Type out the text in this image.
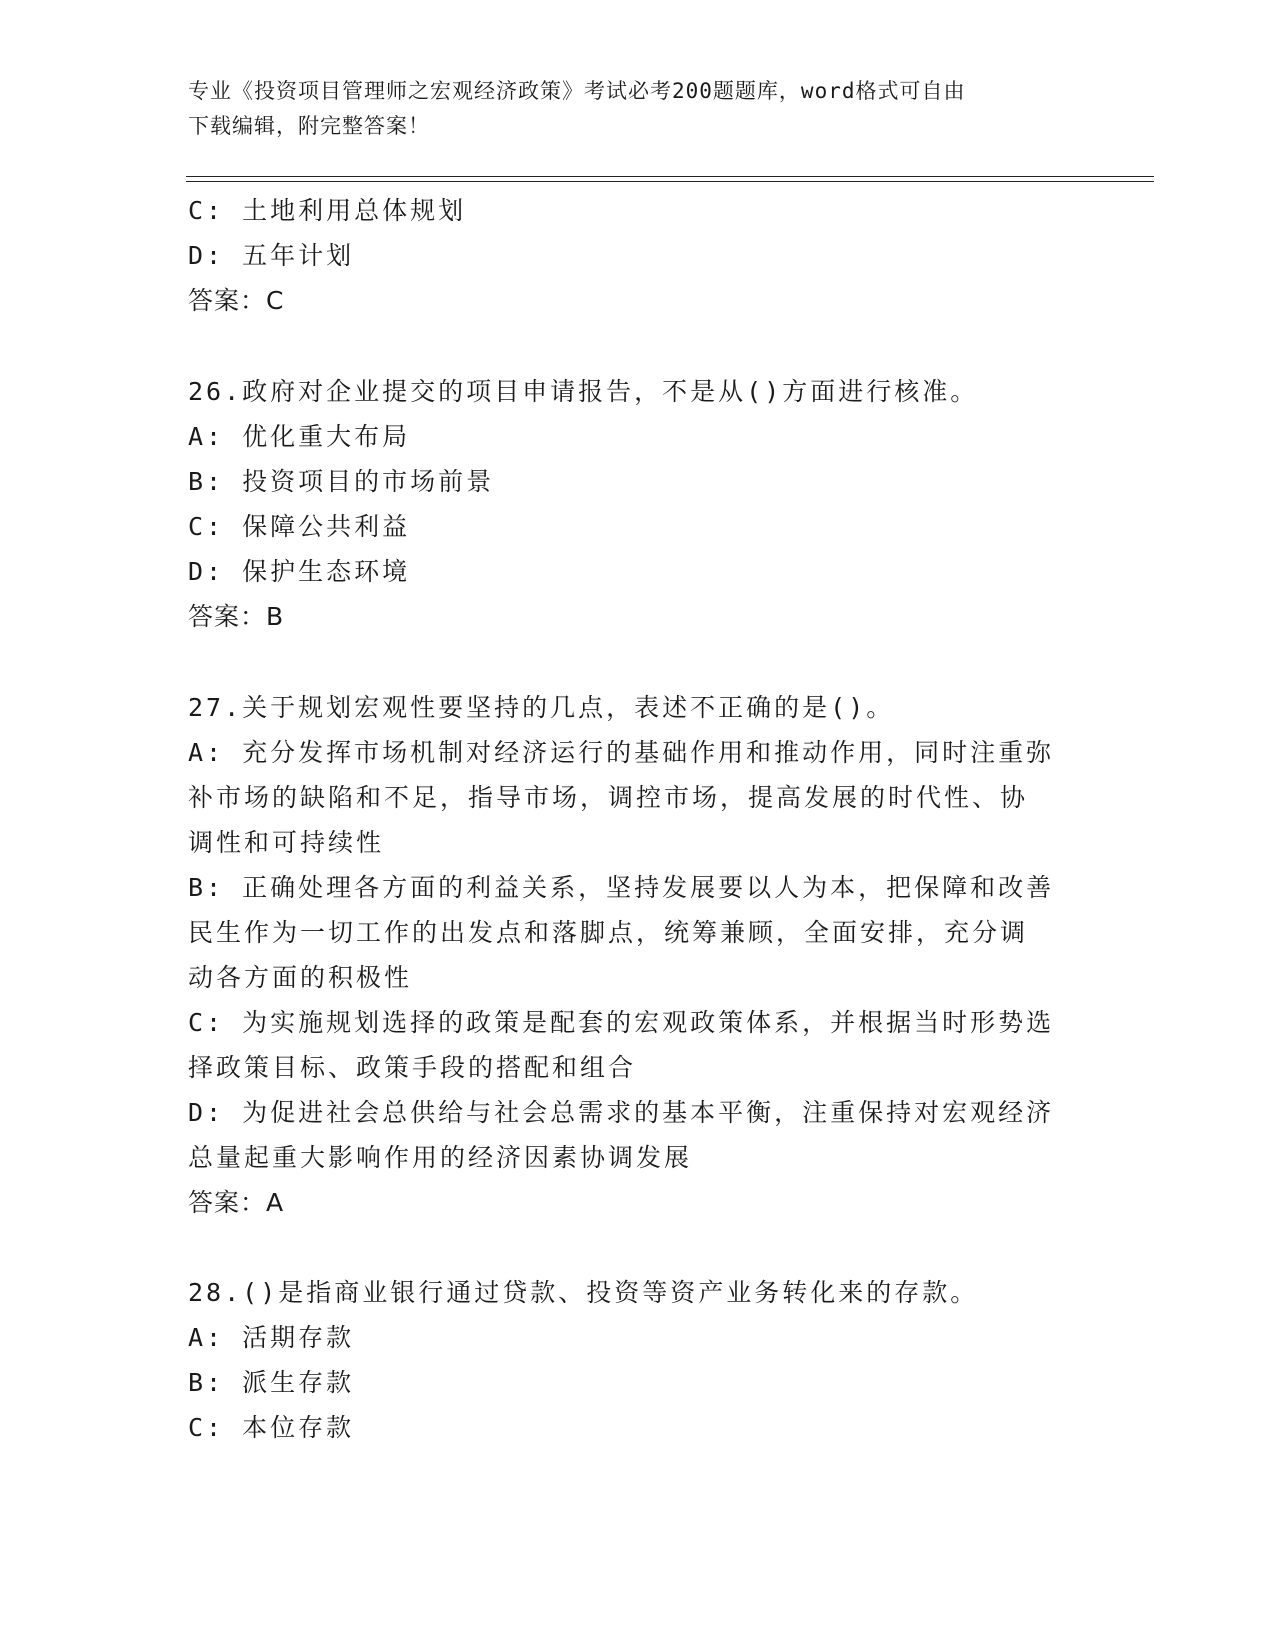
专业《投资项目管理师之宏观经济政策》考试必考200题题库，word格式可自由
下载编辑，附完整答案！
C: 土地利用总体规划
D: 五年计划
答案：C
26.政府对企业提交的项目申请报告，不是从()方面进行核准。
A: 优化重大布局
B: 投资项目的市场前景
C: 保障公共利益
D: 保护生态环境
答案：B
27.关于规划宏观性要坚持的几点，表述不正确的是()。
A: 充分发挥市场机制对经济运行的基础作用和推动作用，同时注重弥
补市场的缺陷和不足，指导市场，调控市场，提高发展的时代性、协
调性和可持续性
B: 正确处理各方面的利益关系，坚持发展要以人为本，把保障和改善
民生作为一切工作的出发点和落脚点，统筹兼顾，全面安排，充分调
动各方面的积极性
C: 为实施规划选择的政策是配套的宏观政策体系，并根据当时形势选
择政策目标、政策手段的搭配和组合
D: 为促进社会总供给与社会总需求的基本平衡，注重保持对宏观经济
总量起重大影响作用的经济因素协调发展
答案：A
28.()是指商业银行通过贷款、投资等资产业务转化来的存款。
A: 活期存款
B: 派生存款
C: 本位存款
